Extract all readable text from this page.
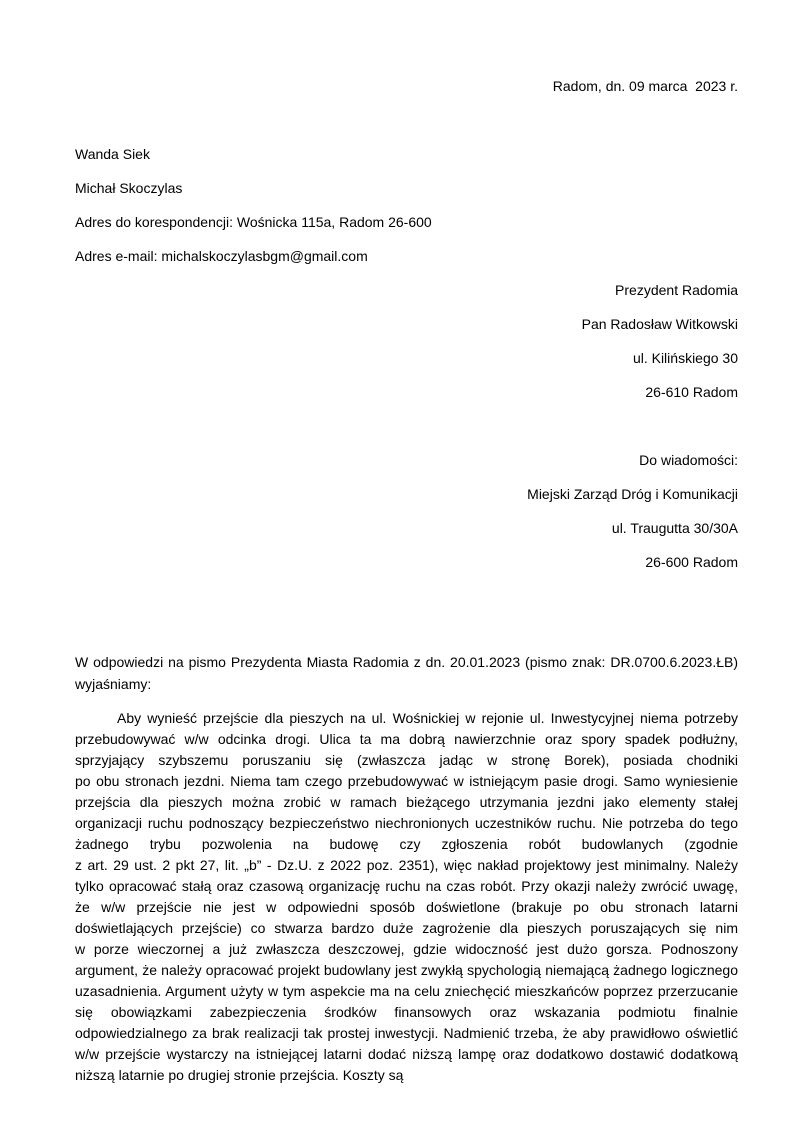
Radom, dn. 09 marca  2023 r.
Wanda Siek
Michał Skoczylas
Adres do korespondencji: Wośnicka 115a, Radom 26-600
Adres e-mail: michalskoczylasbgm@gmail.com
Prezydent Radomia
Pan Radosław Witkowski
ul. Kilińskiego 30
26-610 Radom
Do wiadomości:
Miejski Zarząd Dróg i Komunikacji
ul. Traugutta 30/30A
26-600 Radom
W odpowiedzi na pismo Prezydenta Miasta Radomia z dn. 20.01.2023 (pismo znak: DR.0700.6.2023.ŁB) wyjaśniamy:
Aby wynieść przejście dla pieszych na ul. Wośnickiej w rejonie ul. Inwestycyjnej niema potrzeby przebudowywać w/w odcinka drogi. Ulica ta ma dobrą nawierzchnie oraz spory spadek podłużny, sprzyjający szybszemu poruszaniu się (zwłaszcza jadąc w stronę Borek), posiada chodniki
po obu stronach jezdni. Niema tam czego przebudowywać w istniejącym pasie drogi. Samo wyniesienie przejścia dla pieszych można zrobić w ramach bieżącego utrzymania jezdni jako elementy stałej organizacji ruchu podnoszący bezpieczeństwo niechronionych uczestników ruchu. Nie potrzeba do tego żadnego trybu pozwolenia na budowę czy zgłoszenia robót budowlanych (zgodnie
z art. 29 ust. 2 pkt 27, lit. „b” - Dz.U. z 2022 poz. 2351), więc nakład projektowy jest minimalny. Należy tylko opracować stałą oraz czasową organizację ruchu na czas robót. Przy okazji należy zwrócić uwagę, że w/w przejście nie jest w odpowiedni sposób doświetlone (brakuje po obu stronach latarni doświetlających przejście) co stwarza bardzo duże zagrożenie dla pieszych poruszających się nim
w porze wieczornej a już zwłaszcza deszczowej, gdzie widoczność jest dużo gorsza. Podnoszony argument, że należy opracować projekt budowlany jest zwykłą spychologią niemającą żadnego logicznego uzasadnienia. Argument użyty w tym aspekcie ma na celu zniechęcić mieszkańców poprzez przerzucanie się obowiązkami zabezpieczenia środków finansowych oraz wskazania podmiotu finalnie odpowiedzialnego za brak realizacji tak prostej inwestycji. Nadmienić trzeba, że aby prawidłowo oświetlić w/w przejście wystarczy na istniejącej latarni dodać niższą lampę oraz dodatkowo dostawić dodatkową niższą latarnie po drugiej stronie przejścia. Koszty są
